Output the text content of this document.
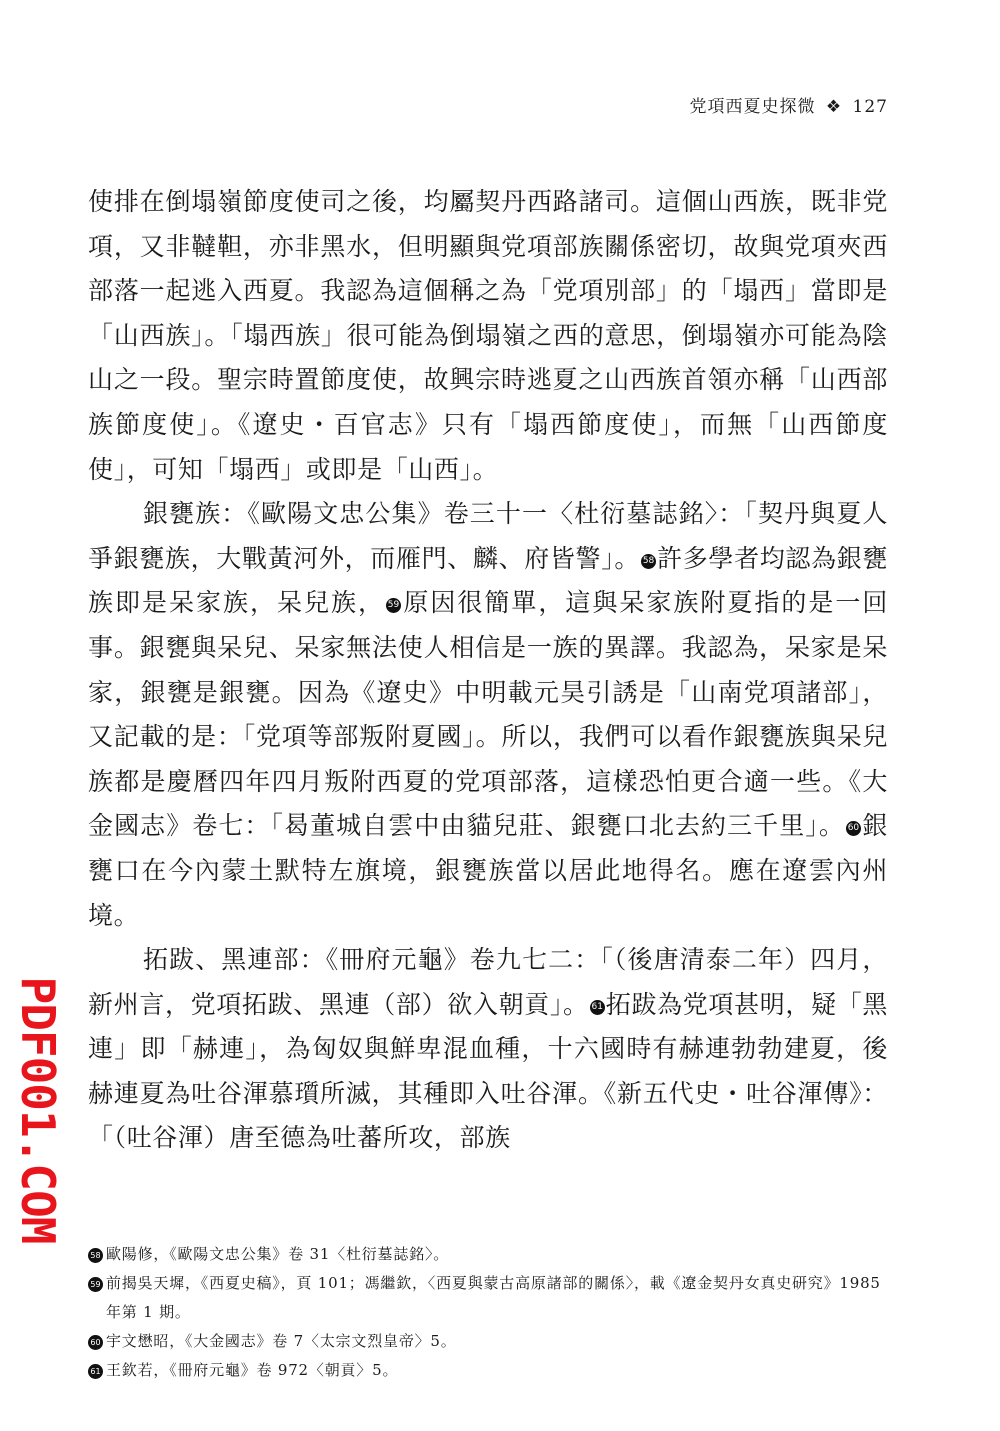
党項西夏史探微 ❖ 127

使排在倒塌嶺節度使司之後，均屬契丹西路諸司。這個山西族，既非党項，又非韃靼，亦非黑水，但明顯與党項部族關係密切，故與党項夾西部落一起逃入西夏。我認為這個稱之為「党項別部」的「塌西」當即是「山西族」。「塌西族」很可能為倒塌嶺之西的意思，倒塌嶺亦可能為陰山之一段。聖宗時置節度使，故興宗時逃夏之山西族首領亦稱「山西部族節度使」。《遼史・百官志》只有「塌西節度使」，而無「山西節度使」，可知「塌西」或即是「山西」。

銀甕族：《歐陽文忠公集》卷三十一〈杜衍墓誌銘〉：「契丹與夏人爭銀甕族，大戰黃河外，而雁門、麟、府皆警」。 58 許多學者均認為銀甕族即是呆家族，呆兒族， 59 原因很簡單，這與呆家族附夏指的是一回事。銀甕與呆兒、呆家無法使人相信是一族的異譯。我認為，呆家是呆家，銀甕是銀甕。因為《遼史》中明載元昊引誘是「山南党項諸部」，又記載的是：「党項等部叛附夏國」。所以，我們可以看作銀甕族與呆兒族都是慶曆四年四月叛附西夏的党項部落，這樣恐怕更合適一些。《大金國志》卷七：「曷董城自雲中由貓兒莊、銀甕口北去約三千里」。 60 銀甕口在今內蒙土默特左旗境，銀甕族當以居此地得名。應在遼雲內州境。

拓跋、黑連部：《冊府元龜》卷九七二：「（後唐清泰二年）四月，新州言，党項拓跋、黑連（部）欲入朝貢」。 61 拓跋為党項甚明，疑「黑連」即「赫連」，為匈奴與鮮卑混血種，十六國時有赫連勃勃建夏，後赫連夏為吐谷渾慕瓆所滅，其種即入吐谷渾。《新五代史・吐谷渾傳》：「（吐谷渾）唐至德為吐蕃所攻，部族

58 歐陽修，《歐陽文忠公集》卷 31〈杜衍墓誌銘〉。
59 前揭吳天墀，《西夏史稿》，頁 101；馮繼欽，〈西夏與蒙古高原諸部的關係〉，載《遼金契丹女真史研究》1985 年第 1 期。
60 宇文懋昭，《大金國志》卷 7〈太宗文烈皇帝〉5。
61 王欽若，《冊府元龜》卷 972〈朝貢〉5。
PDF001.COM
